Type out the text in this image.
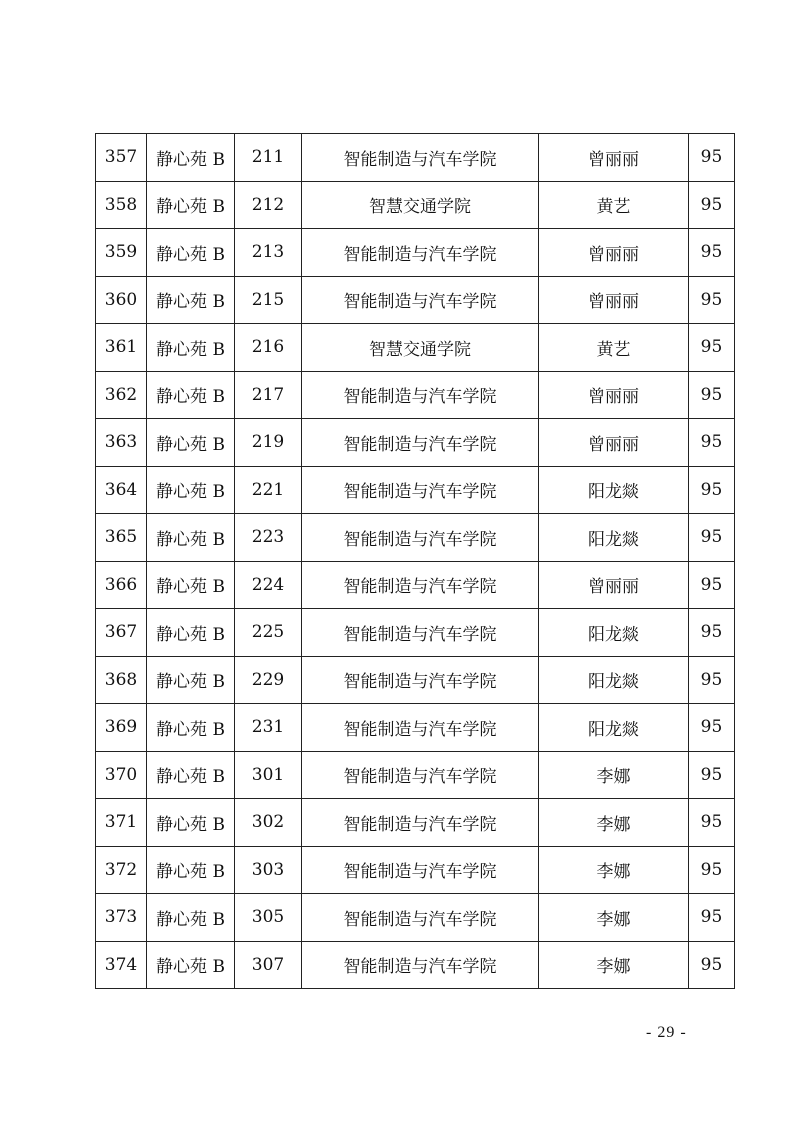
357	静心苑 B	211	智能制造与汽车学院	曾丽丽	95
358	静心苑 B	212	智慧交通学院	黄艺	95
359	静心苑 B	213	智能制造与汽车学院	曾丽丽	95
360	静心苑 B	215	智能制造与汽车学院	曾丽丽	95
361	静心苑 B	216	智慧交通学院	黄艺	95
362	静心苑 B	217	智能制造与汽车学院	曾丽丽	95
363	静心苑 B	219	智能制造与汽车学院	曾丽丽	95
364	静心苑 B	221	智能制造与汽车学院	阳龙燚	95
365	静心苑 B	223	智能制造与汽车学院	阳龙燚	95
366	静心苑 B	224	智能制造与汽车学院	曾丽丽	95
367	静心苑 B	225	智能制造与汽车学院	阳龙燚	95
368	静心苑 B	229	智能制造与汽车学院	阳龙燚	95
369	静心苑 B	231	智能制造与汽车学院	阳龙燚	95
370	静心苑 B	301	智能制造与汽车学院	李娜	95
371	静心苑 B	302	智能制造与汽车学院	李娜	95
372	静心苑 B	303	智能制造与汽车学院	李娜	95
373	静心苑 B	305	智能制造与汽车学院	李娜	95
374	静心苑 B	307	智能制造与汽车学院	李娜	95
- 29 -
